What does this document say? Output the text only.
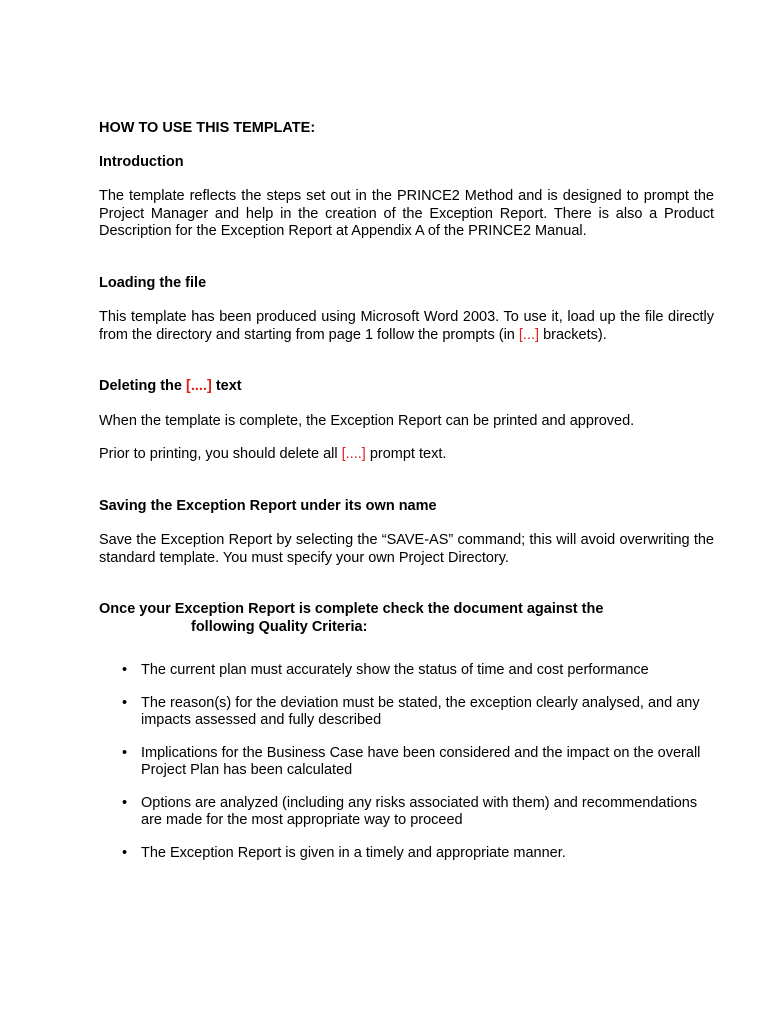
HOW TO USE THIS TEMPLATE:

Introduction

The template reflects the steps set out in the PRINCE2 Method and is designed to prompt the Project Manager and help in the creation of the Exception Report. There is also a Product Description for the Exception Report at Appendix A of the PRINCE2 Manual.

Loading the file

This template has been produced using Microsoft Word 2003. To use it, load up the file directly from the directory and starting from page 1 follow the prompts (in [...] brackets).

Deleting the [....] text

When the template is complete, the Exception Report can be printed and approved.

Prior to printing, you should delete all [....] prompt text.

Saving the Exception Report under its own name

Save the Exception Report by selecting the “SAVE-AS” command; this will avoid overwriting the standard template. You must specify your own Project Directory.

Once your Exception Report is complete check the document against the
following Quality Criteria:

• The current plan must accurately show the status of time and cost performance
• The reason(s) for the deviation must be stated, the exception clearly analysed, and any impacts assessed and fully described
• Implications for the Business Case have been considered and the impact on the overall Project Plan has been calculated
• Options are analyzed (including any risks associated with them) and recommendations are made for the most appropriate way to proceed
• The Exception Report is given in a timely and appropriate manner.
